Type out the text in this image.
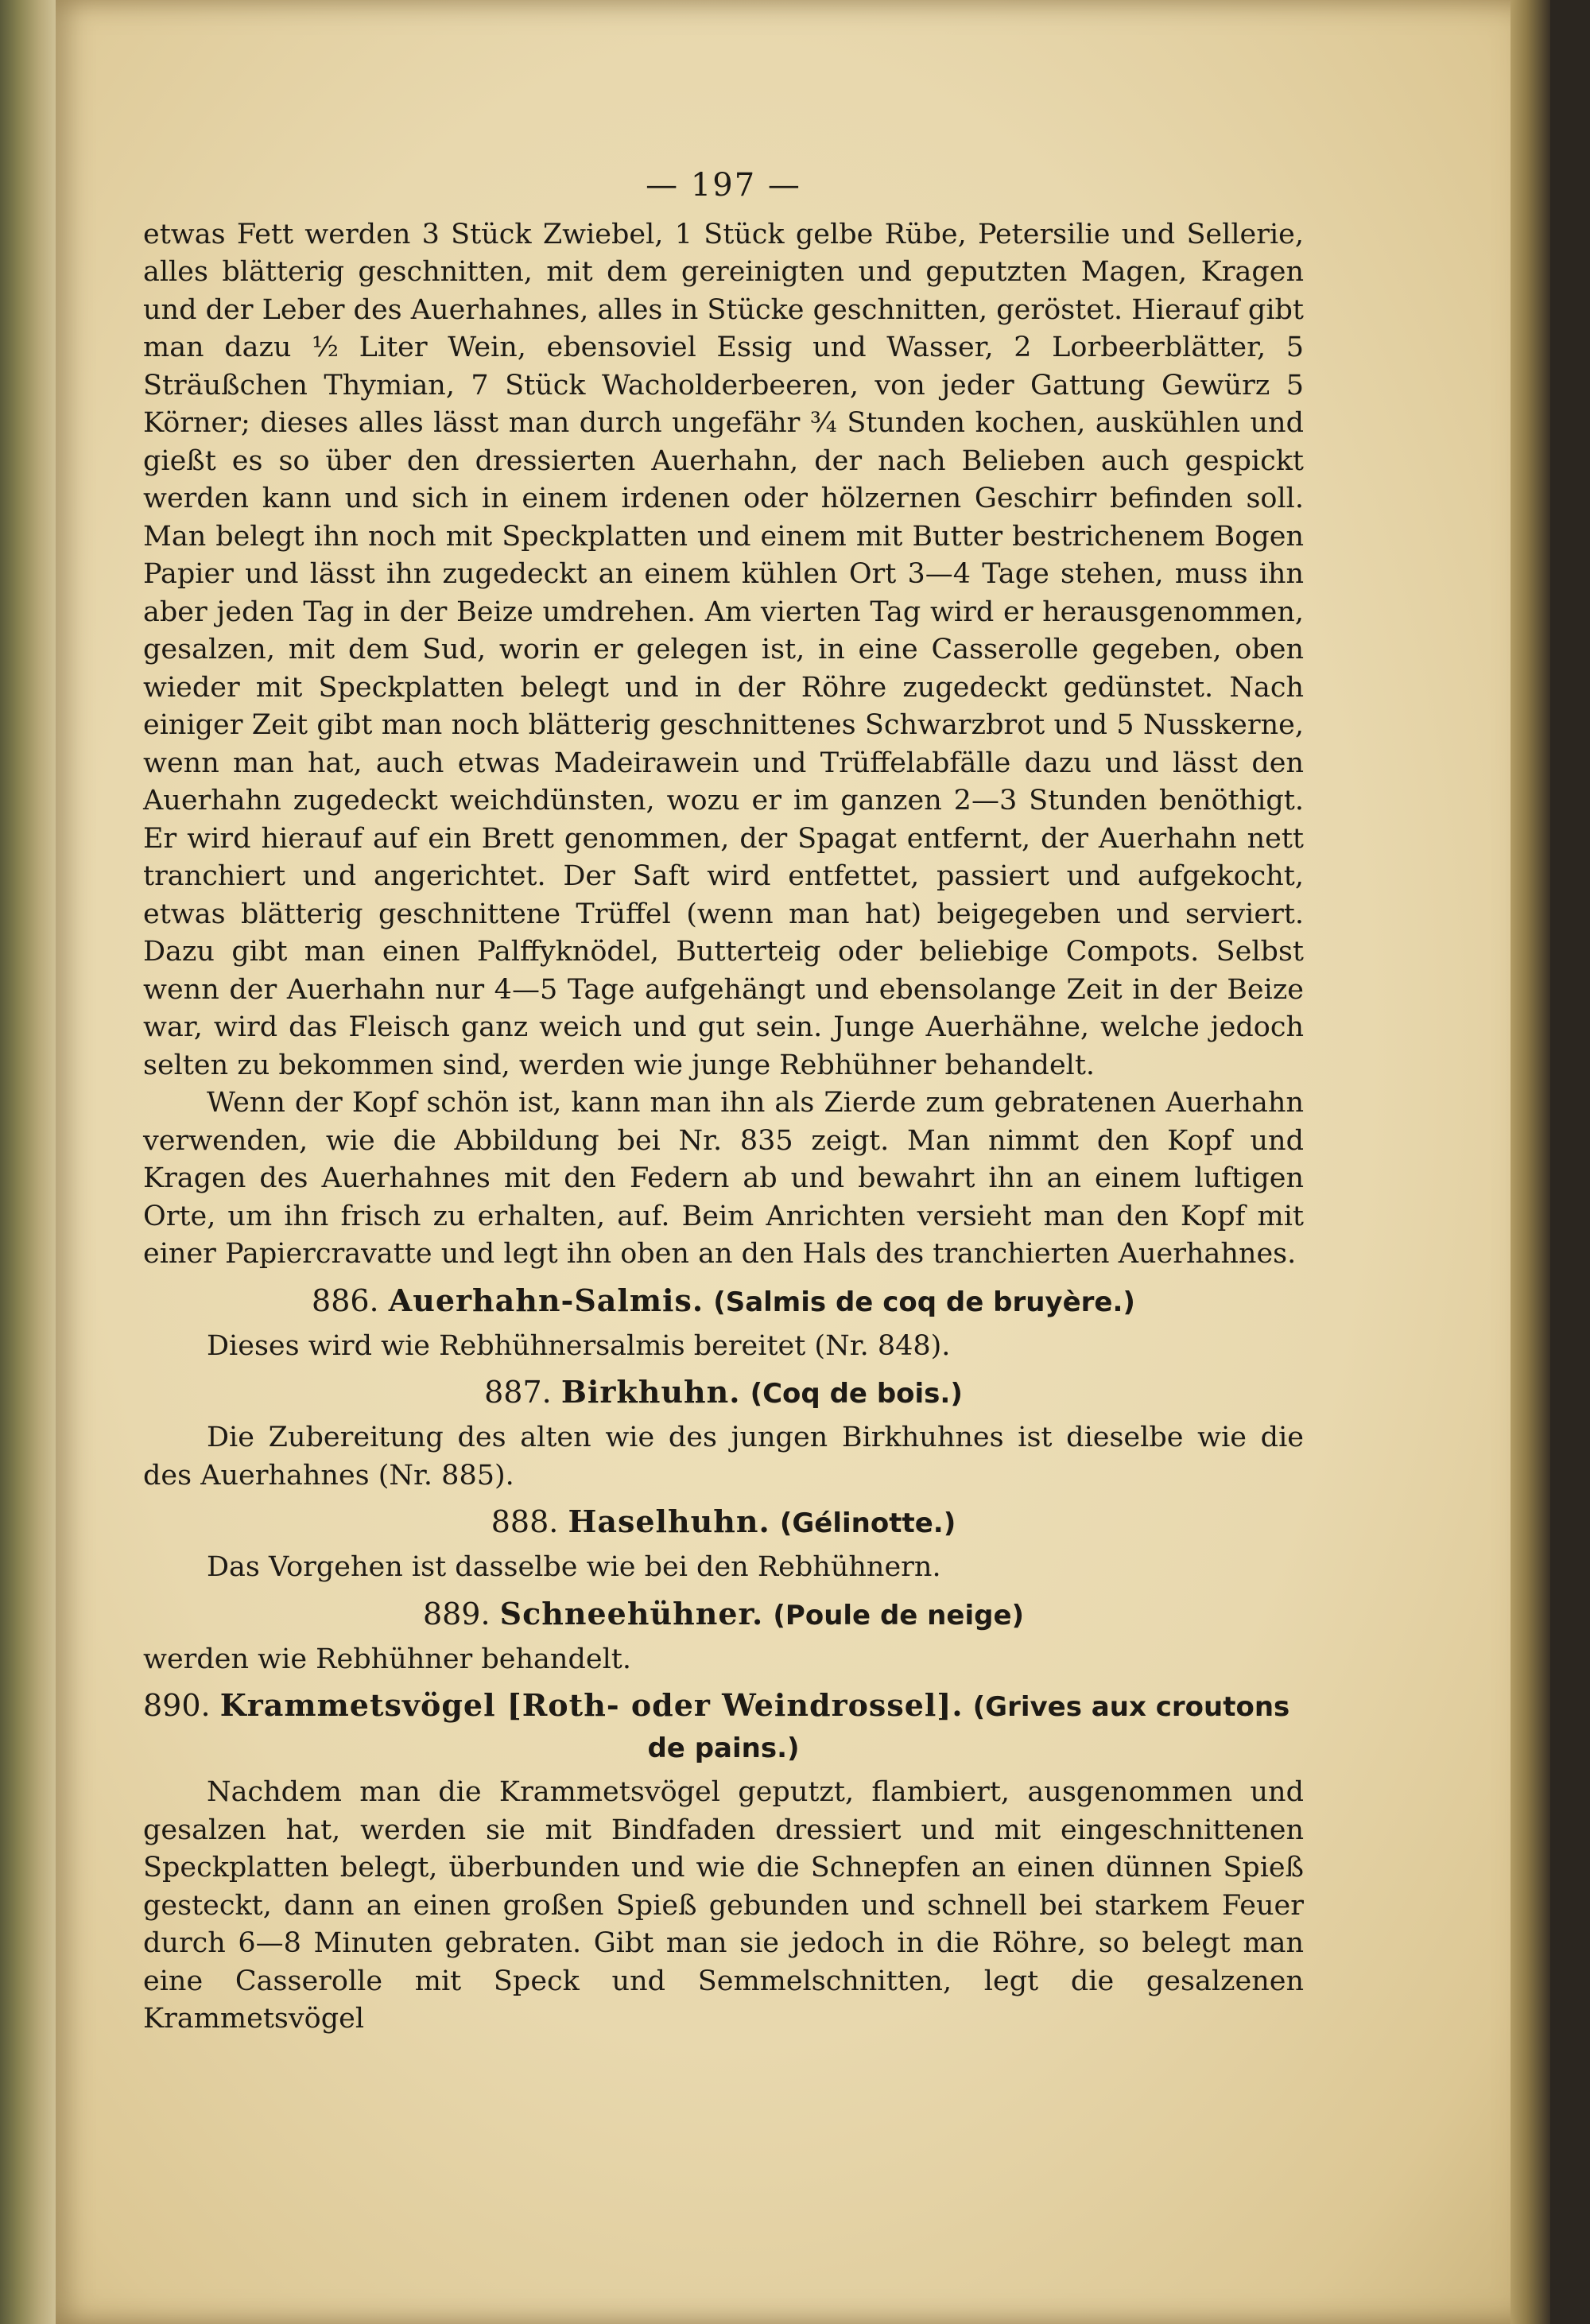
— 197 —

etwas Fett werden 3 Stück Zwiebel, 1 Stück gelbe Rübe, Petersilie und Sellerie, alles blätterig geschnitten, mit dem gereinigten und geputzten Magen, Kragen und der Leber des Auerhahnes, alles in Stücke geschnitten, geröstet. Hierauf gibt man dazu ½ Liter Wein, ebensoviel Essig und Wasser, 2 Lorbeerblätter, 5 Sträußchen Thymian, 7 Stück Wacholderbeeren, von jeder Gattung Gewürz 5 Körner; dieses alles lässt man durch ungefähr ¾ Stunden kochen, auskühlen und gießt es so über den dressierten Auerhahn, der nach Belieben auch gespickt werden kann und sich in einem irdenen oder hölzernen Geschirr befinden soll. Man belegt ihn noch mit Speckplatten und einem mit Butter bestrichenem Bogen Papier und lässt ihn zugedeckt an einem kühlen Ort 3—4 Tage stehen, muss ihn aber jeden Tag in der Beize umdrehen. Am vierten Tag wird er herausgenommen, gesalzen, mit dem Sud, worin er gelegen ist, in eine Casserolle gegeben, oben wieder mit Speckplatten belegt und in der Röhre zugedeckt gedünstet. Nach einiger Zeit gibt man noch blätterig geschnittenes Schwarzbrot und 5 Nusskerne, wenn man hat, auch etwas Madeirawein und Trüffelabfälle dazu und lässt den Auerhahn zugedeckt weichdünsten, wozu er im ganzen 2—3 Stunden benöthigt. Er wird hierauf auf ein Brett genommen, der Spagat entfernt, der Auerhahn nett tranchiert und angerichtet. Der Saft wird entfettet, passiert und aufgekocht, etwas blätterig geschnittene Trüffel (wenn man hat) beigegeben und serviert. Dazu gibt man einen Palffyknödel, Butterteig oder beliebige Compots. Selbst wenn der Auerhahn nur 4—5 Tage aufgehängt und ebensolange Zeit in der Beize war, wird das Fleisch ganz weich und gut sein. Junge Auerhähne, welche jedoch selten zu bekommen sind, werden wie junge Rebhühner behandelt.

Wenn der Kopf schön ist, kann man ihn als Zierde zum gebratenen Auerhahn verwenden, wie die Abbildung bei Nr. 835 zeigt. Man nimmt den Kopf und Kragen des Auerhahnes mit den Federn ab und bewahrt ihn an einem luftigen Orte, um ihn frisch zu erhalten, auf. Beim Anrichten versieht man den Kopf mit einer Papiercravatte und legt ihn oben an den Hals des tranchierten Auerhahnes.

886. Auerhahn-Salmis. (Salmis de coq de bruyère.)

Dieses wird wie Rebhühnersalmis bereitet (Nr. 848).

887. Birkhuhn. (Coq de bois.)

Die Zubereitung des alten wie des jungen Birkhuhnes ist dieselbe wie die des Auerhahnes (Nr. 885).

888. Haselhuhn. (Gélinotte.)

Das Vorgehen ist dasselbe wie bei den Rebhühnern.

889. Schneehühner. (Poule de neige)

werden wie Rebhühner behandelt.

890. Krammetsvögel [Roth- oder Weindrossel]. (Grives aux croutons
de pains.)

Nachdem man die Krammetsvögel geputzt, flambiert, ausgenommen und gesalzen hat, werden sie mit Bindfaden dressiert und mit eingeschnittenen Speckplatten belegt, überbunden und wie die Schnepfen an einen dünnen Spieß gesteckt, dann an einen großen Spieß gebunden und schnell bei starkem Feuer durch 6—8 Minuten gebraten. Gibt man sie jedoch in die Röhre, so belegt man eine Casserolle mit Speck und Semmelschnitten, legt die gesalzenen Krammetsvögel
